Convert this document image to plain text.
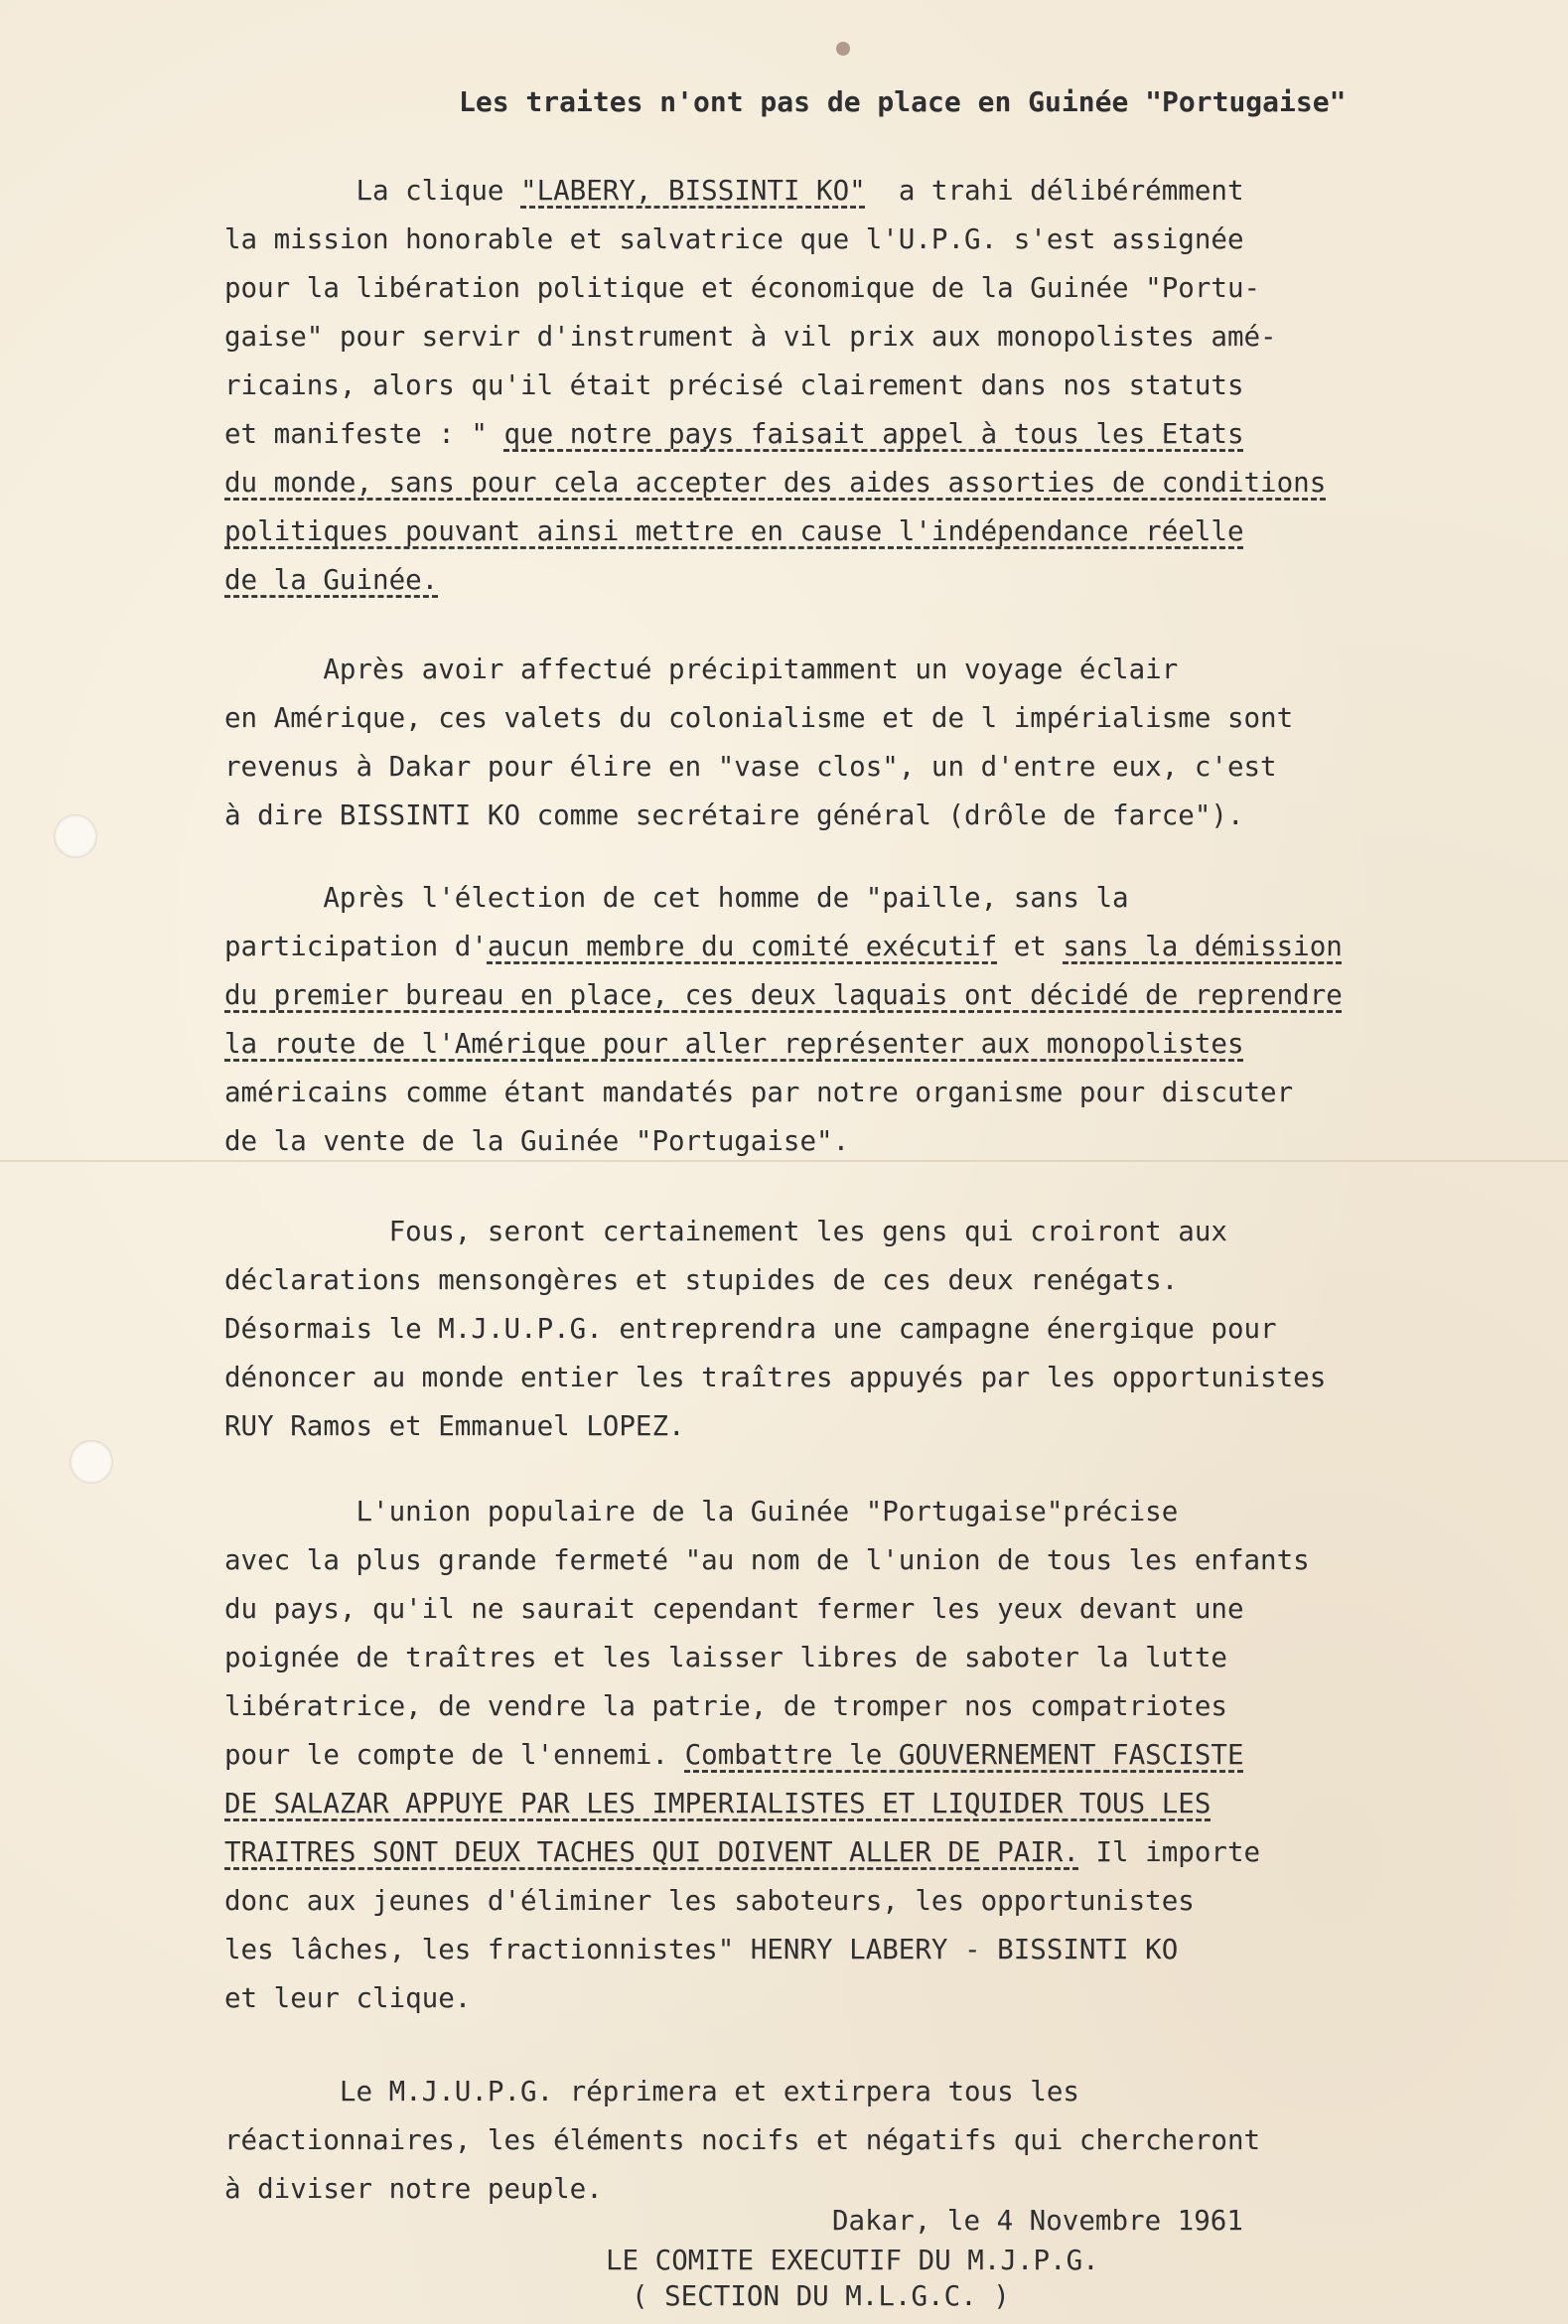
Les traites n'ont pas de place en Guinée "Portugaise"
La clique "LABERY, BISSINTI KO"  a trahi délibérémment
la mission honorable et salvatrice que l'U.P.G. s'est assignée
pour la libération politique et économique de la Guinée "Portu-
gaise" pour servir d'instrument à vil prix aux monopolistes amé-
ricains, alors qu'il était précisé clairement dans nos statuts
et manifeste : " que notre pays faisait appel à tous les Etats
du monde, sans pour cela accepter des aides assorties de conditions
politiques pouvant ainsi mettre en cause l'indépendance réelle
de la Guinée.
Après avoir affectué précipitamment un voyage éclair
en Amérique, ces valets du colonialisme et de l impérialisme sont
revenus à Dakar pour élire en "vase clos", un d'entre eux, c'est
à dire BISSINTI KO comme secrétaire général (drôle de farce").
Après l'élection de cet homme de "paille, sans la
participation d'aucun membre du comité exécutif et sans la démission
du premier bureau en place, ces deux laquais ont décidé de reprendre
la route de l'Amérique pour aller représenter aux monopolistes
américains comme étant mandatés par notre organisme pour discuter
de la vente de la Guinée "Portugaise".
Fous, seront certainement les gens qui croiront aux
déclarations mensongères et stupides de ces deux renégats.
Désormais le M.J.U.P.G. entreprendra une campagne énergique pour
dénoncer au monde entier les traîtres appuyés par les opportunistes
RUY Ramos et Emmanuel LOPEZ.
L'union populaire de la Guinée "Portugaise"précise
avec la plus grande fermeté "au nom de l'union de tous les enfants
du pays, qu'il ne saurait cependant fermer les yeux devant une
poignée de traîtres et les laisser libres de saboter la lutte
libératrice, de vendre la patrie, de tromper nos compatriotes
pour le compte de l'ennemi. Combattre le GOUVERNEMENT FASCISTE
DE SALAZAR APPUYE PAR LES IMPERIALISTES ET LIQUIDER TOUS LES
TRAITRES SONT DEUX TACHES QUI DOIVENT ALLER DE PAIR. Il importe
donc aux jeunes d'éliminer les saboteurs, les opportunistes
les lâches, les fractionnistes" HENRY LABERY - BISSINTI KO
et leur clique.
Le M.J.U.P.G. réprimera et extirpera tous les
réactionnaires, les éléments nocifs et négatifs qui chercheront
à diviser notre peuple.
Dakar, le 4 Novembre 1961
LE COMITE EXECUTIF DU M.J.P.G.
( SECTION DU M.L.G.C. )
